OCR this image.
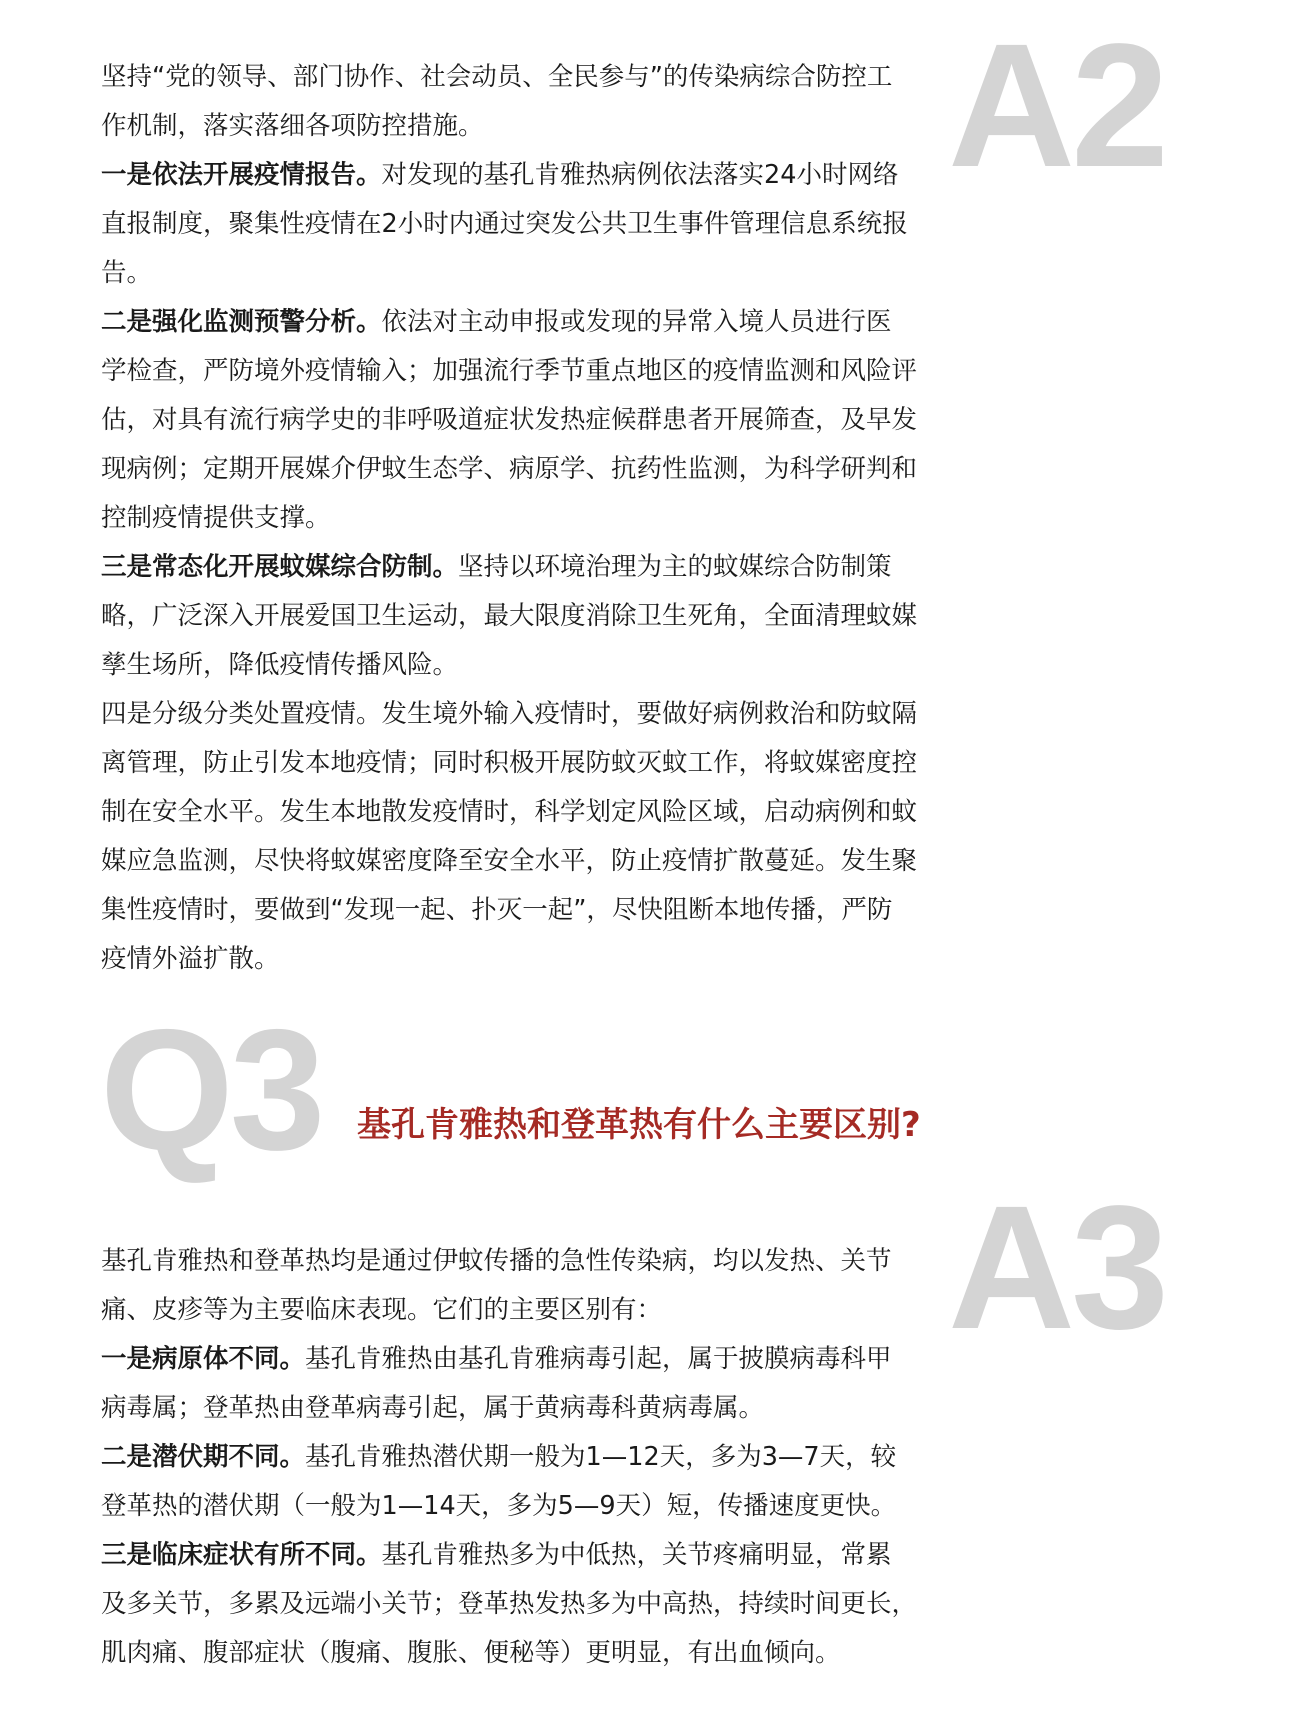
A2

坚持“党的领导、部门协作、社会动员、全民参与”的传染病综合防控工作机制，落实落细各项防控措施。

一是依法开展疫情报告。对发现的基孔肯雅热病例依法落实24小时网络直报制度，聚集性疫情在2小时内通过突发公共卫生事件管理信息系统报告。

二是强化监测预警分析。依法对主动申报或发现的异常入境人员进行医学检查，严防境外疫情输入；加强流行季节重点地区的疫情监测和风险评估，对具有流行病学史的非呼吸道症状发热症候群患者开展筛查，及早发现病例；定期开展媒介伊蚊生态学、病原学、抗药性监测，为科学研判和控制疫情提供支撑。

三是常态化开展蚊媒综合防制。坚持以环境治理为主的蚊媒综合防制策略，广泛深入开展爱国卫生运动，最大限度消除卫生死角，全面清理蚊媒孳生场所，降低疫情传播风险。

四是分级分类处置疫情。发生境外输入疫情时，要做好病例救治和防蚊隔离管理，防止引发本地疫情；同时积极开展防蚊灭蚊工作，将蚊媒密度控制在安全水平。发生本地散发疫情时，科学划定风险区域，启动病例和蚊媒应急监测，尽快将蚊媒密度降至安全水平，防止疫情扩散蔓延。发生聚集性疫情时，要做到“发现一起、扑灭一起”，尽快阻断本地传播，严防疫情外溢扩散。

Q3 基孔肯雅热和登革热有什么主要区别?
A3

基孔肯雅热和登革热均是通过伊蚊传播的急性传染病，均以发热、关节痛、皮疹等为主要临床表现。它们的主要区别有：

一是病原体不同。基孔肯雅热由基孔肯雅病毒引起，属于披膜病毒科甲病毒属；登革热由登革病毒引起，属于黄病毒科黄病毒属。

二是潜伏期不同。基孔肯雅热潜伏期一般为1—12天，多为3—7天，较登革热的潜伏期（一般为1—14天，多为5—9天）短，传播速度更快。

三是临床症状有所不同。基孔肯雅热多为中低热，关节疼痛明显，常累及多关节，多累及远端小关节；登革热发热多为中高热，持续时间更长，肌肉痛、腹部症状（腹痛、腹胀、便秘等）更明显，有出血倾向。
